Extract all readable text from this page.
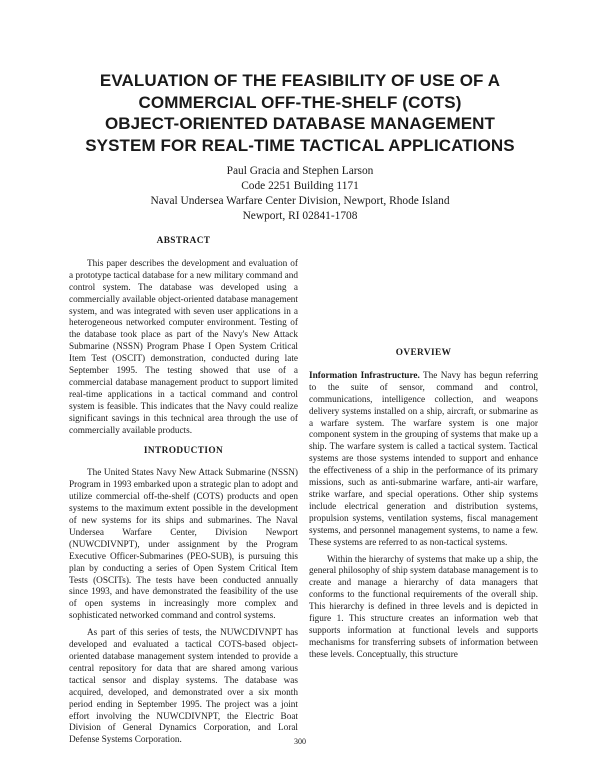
EVALUATION OF THE FEASIBILITY OF USE OF A
COMMERCIAL OFF-THE-SHELF (COTS)
OBJECT-ORIENTED DATABASE MANAGEMENT
SYSTEM FOR REAL-TIME TACTICAL APPLICATIONS
Paul Gracia and Stephen Larson
Code 2251 Building 1171
Naval Undersea Warfare Center Division, Newport, Rhode Island
Newport, RI 02841-1708
ABSTRACT

This paper describes the development and evaluation of a prototype tactical database for a new military command and control system. The database was developed using a commercially available object-oriented database management system, and was integrated with seven user applications in a heterogeneous networked computer environment. Testing of the database took place as part of the Navy's New Attack Submarine (NSSN) Program Phase I Open System Critical Item Test (OSCIT) demonstration, conducted during late September 1995. The testing showed that use of a commercial database management product to support limited real-time applications in a tactical command and control system is feasible. This indicates that the Navy could realize significant savings in this technical area through the use of commercially available products.

INTRODUCTION

The United States Navy New Attack Submarine (NSSN) Program in 1993 embarked upon a strategic plan to adopt and utilize commercial off-the-shelf (COTS) products and open systems to the maximum extent possible in the development of new systems for its ships and submarines. The Naval Undersea Warfare Center, Division Newport (NUWCDIVNPT), under assignment by the Program Executive Officer-Submarines (PEO-SUB), is pursuing this plan by conducting a series of Open System Critical Item Tests (OSCITs). The tests have been conducted annually since 1993, and have demonstrated the feasibility of the use of open systems in increasingly more complex and sophisticated networked command and control systems.

As part of this series of tests, the NUWCDIVNPT has developed and evaluated a tactical COTS-based object-oriented database management system intended to provide a central repository for data that are shared among various tactical sensor and display systems. The database was acquired, developed, and demonstrated over a six month period ending in September 1995. The project was a joint effort involving the NUWCDIVNPT, the Electric Boat Division of General Dynamics Corporation, and Loral Defense Systems Corporation.

OVERVIEW

Information Infrastructure. The Navy has begun referring to the suite of sensor, command and control, communications, intelligence collection, and weapons delivery systems installed on a ship, aircraft, or submarine as a warfare system. The warfare system is one major component system in the grouping of systems that make up a ship. The warfare system is called a tactical system. Tactical systems are those systems intended to support and enhance the effectiveness of a ship in the performance of its primary missions, such as anti-submarine warfare, anti-air warfare, strike warfare, and special operations. Other ship systems include electrical generation and distribution systems, propulsion systems, ventilation systems, fiscal management systems, and personnel management systems, to name a few. These systems are referred to as non-tactical systems.

Within the hierarchy of systems that make up a ship, the general philosophy of ship system database management is to create and manage a hierarchy of data managers that conforms to the functional requirements of the overall ship. This hierarchy is defined in three levels and is depicted in figure 1. This structure creates an information web that supports information at functional levels and supports mechanisms for transferring subsets of information between these levels. Conceptually, this structure

300
